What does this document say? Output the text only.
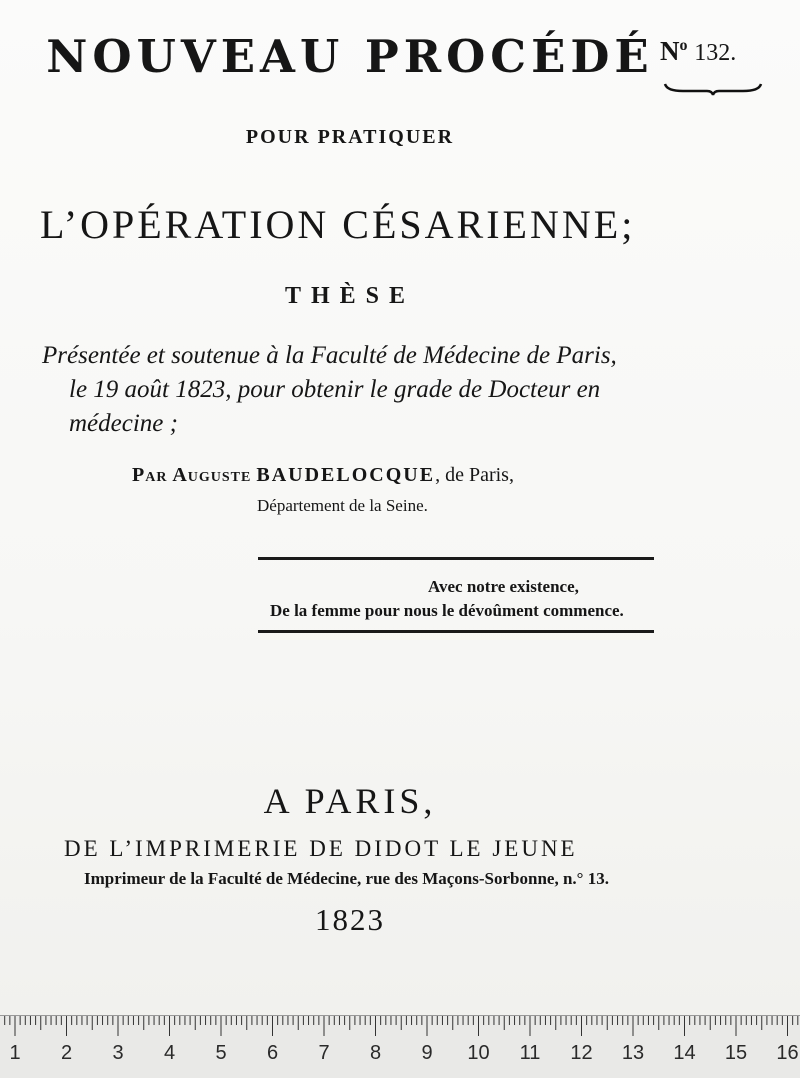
NOUVEAU PROCÉDÉ $N^o$ 132.
POUR PRATIQUER
L’OPÉRATION CÉSARIENNE;
THÈSE
Présentée et soutenue à la Faculté de Médecine de Paris,
le 19 août 1823, pour obtenir le grade de Docteur en
médecine ;
Par Auguste BAUDELOCQUE, de Paris,
Département de la Seine.
Avec notre existence,
De la femme pour nous le dévoûment commence.
A PARIS,
DE L’IMPRIMERIE DE DIDOT LE JEUNE
Imprimeur de la Faculté de Médecine, rue des Maçons-Sorbonne, n.° 13.
1823
1 2 3 4 5 6 7 8 9 10 11 12 13 14 15 16
